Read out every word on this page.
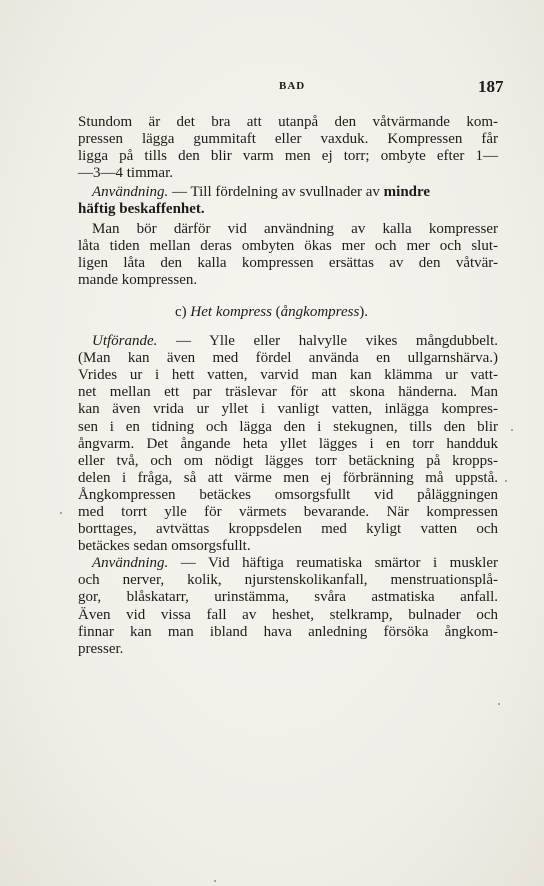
BAD	187
Stundom är det bra att utanpå den våtvärmande kom-
pressen lägga gummitaft eller vaxduk. Kompressen får
ligga på tills den blir varm men ej torr; ombyte efter 1—
—3—4 timmar.
Användning. — Till fördelning av svullnader av mindre
häftig beskaffenhet.
Man bör därför vid användning av kalla kompresser
låta tiden mellan deras ombyten ökas mer och mer och slut-
ligen låta den kalla kompressen ersättas av den våtvär-
mande kompressen.
c) Het kompress (ångkompress).
Utförande. — Ylle eller halvylle vikes mångdubbelt.
(Man kan även med fördel använda en ullgarnshärva.)
Vrides ur i hett vatten, varvid man kan klämma ur vatt-
net mellan ett par träslevar för att skona händerna. Man
kan även vrida ur yllet i vanligt vatten, inlägga kompres-
sen i en tidning och lägga den i stekugnen, tills den blir
ångvarm. Det ångande heta yllet lägges i en torr handduk
eller två, och om nödigt lägges torr betäckning på kropps-
delen i fråga, så att värme men ej förbränning må uppstå.
Ångkompressen betäckes omsorgsfullt vid påläggningen
med torrt ylle för värmets bevarande. När kompressen
borttages, avtvättas kroppsdelen med kyligt vatten och
betäckes sedan omsorgsfullt.
Användning. — Vid häftiga reumatiska smärtor i muskler
och nerver, kolik, njurstenskolikanfall, menstruationsplå-
gor, blåskatarr, urinstämma, svåra astmatiska anfall.
Även vid vissa fall av heshet, stelkramp, bulnader och
finnar kan man ibland hava anledning försöka ångkom-
presser.
